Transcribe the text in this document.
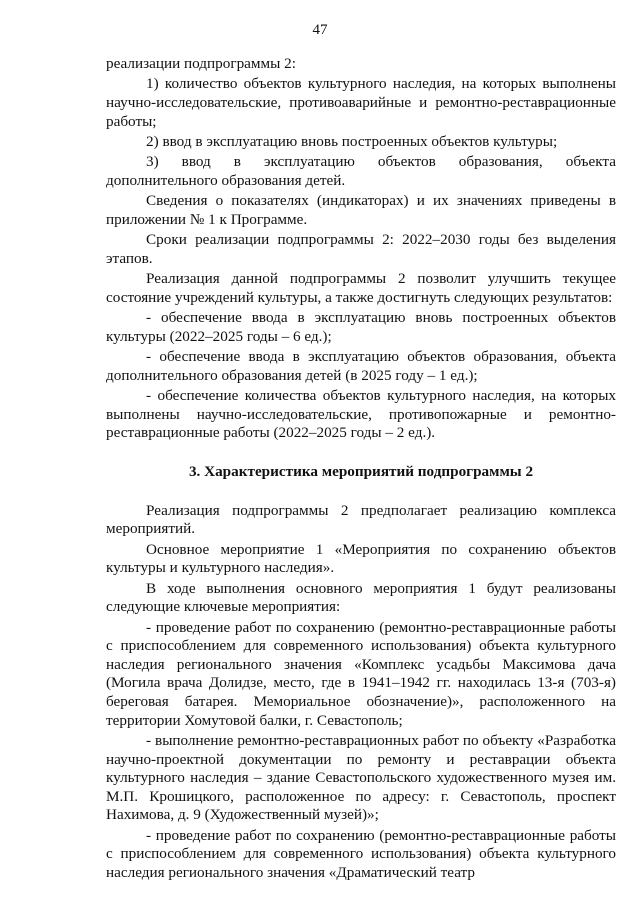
47

реализации подпрограммы 2:

1) количество объектов культурного наследия, на которых выполнены научно-исследовательские, противоаварийные и ремонтно-реставрационные работы;

2) ввод в эксплуатацию вновь построенных объектов культуры;

3) ввод в эксплуатацию объектов образования, объекта дополнительного образования детей.

Сведения о показателях (индикаторах) и их значениях приведены в приложении № 1 к Программе.

Сроки реализации подпрограммы 2: 2022–2030 годы без выделения этапов.

Реализация данной подпрограммы 2 позволит улучшить текущее состояние учреждений культуры, а также достигнуть следующих результатов:

- обеспечение ввода в эксплуатацию вновь построенных объектов культуры (2022–2025 годы – 6 ед.);

- обеспечение ввода в эксплуатацию объектов образования, объекта дополнительного образования детей (в 2025 году – 1 ед.);

- обеспечение количества объектов культурного наследия, на которых выполнены научно-исследовательские, противопожарные и ремонтно-реставрационные работы (2022–2025 годы – 2 ед.).

3. Характеристика мероприятий подпрограммы 2

Реализация подпрограммы 2 предполагает реализацию комплекса мероприятий.

Основное мероприятие 1 «Мероприятия по сохранению объектов культуры и культурного наследия».

В ходе выполнения основного мероприятия 1 будут реализованы следующие ключевые мероприятия:

- проведение работ по сохранению (ремонтно-реставрационные работы с приспособлением для современного использования) объекта культурного наследия регионального значения «Комплекс усадьбы Максимова дача (Могила врача Долидзе, место, где в 1941–1942 гг. находилась 13-я (703-я) береговая батарея. Мемориальное обозначение)», расположенного на территории Хомутовой балки, г. Севастополь;

- выполнение ремонтно-реставрационных работ по объекту «Разработка научно-проектной документации по ремонту и реставрации объекта культурного наследия – здание Севастопольского художественного музея им. М.П. Крошицкого, расположенное по адресу: г. Севастополь, проспект Нахимова, д. 9 (Художественный музей)»;

- проведение работ по сохранению (ремонтно-реставрационные работы с приспособлением для современного использования) объекта культурного наследия регионального значения «Драматический театр
